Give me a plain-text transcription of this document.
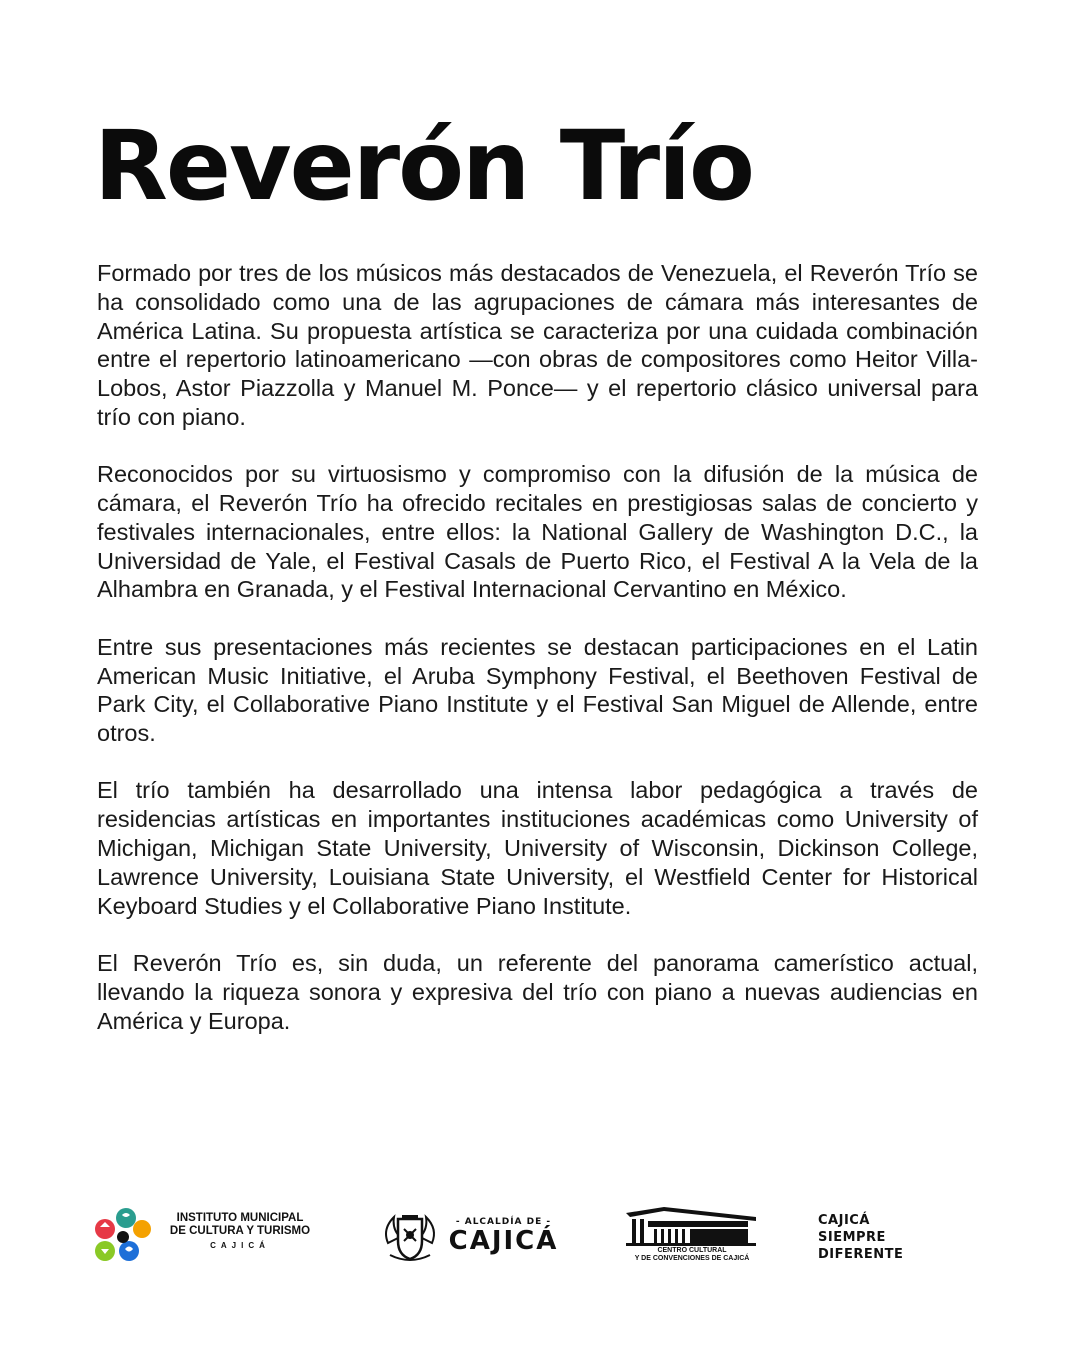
Reverón Trío

Formado por tres de los músicos más destacados de Venezuela, el Reverón Trío se ha consolidado como una de las agrupaciones de cámara más interesantes de América Latina. Su propuesta artística se caracteriza por una cuidada combinación entre el repertorio latinoamericano —con obras de compositores como Heitor Villa-Lobos, Astor Piazzolla y Manuel M. Ponce— y el repertorio clásico universal para trío con piano.

Reconocidos por su virtuosismo y compromiso con la difusión de la música de cámara, el Reverón Trío ha ofrecido recitales en prestigiosas salas de concierto y festivales internacionales, entre ellos: la National Gallery de Washington D.C., la Universidad de Yale, el Festival Casals de Puerto Rico, el Festival A la Vela de la Alhambra en Granada, y el Festival Internacional Cervantino en México.

Entre sus presentaciones más recientes se destacan participaciones en el Latin American Music Initiative, el Aruba Symphony Festival, el Beethoven Festival de Park City, el Collaborative Piano Institute y el Festival San Miguel de Allende, entre otros.

El trío también ha desarrollado una intensa labor pedagógica a través de residencias artísticas en importantes instituciones académicas como University of Michigan, Michigan State University, University of Wisconsin, Dickinson College, Lawrence University, Louisiana State University, el Westfield Center for Historical Keyboard Studies y el Collaborative Piano Institute.

El Reverón Trío es, sin duda, un referente del panorama camerístico actual, llevando la riqueza sonora y expresiva del trío con piano a nuevas audiencias en América y Europa.

INSTITUTO MUNICIPAL
DE CULTURA Y TURISMO
CAJICÁ
- ALCALDÍA DE -
CAJICÁ	CENTRO CULTURAL
Y DE CONVENCIONES DE CAJICÁ
CAJICÁ
SIEMPRE
DIFERENTE
